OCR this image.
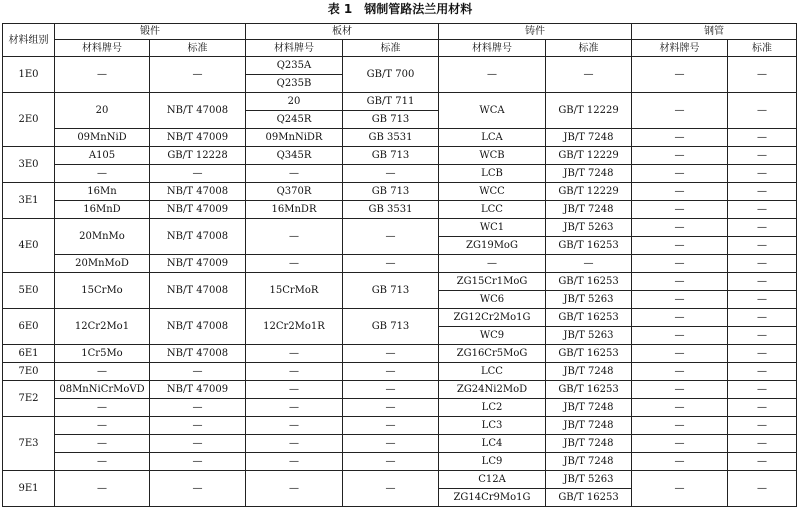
表 1　钢制管路法兰用材料
材料组别	锻件		板材		铸件		钢管	
	材料牌号	标准	材料牌号	标准	材料牌号	标准	材料牌号	标准
1E0	—	—	Q235A	GB/T 700	—	—	—	—
			Q235B					
2E0	20	NB/T 47008	20	GB/T 711	WCA	GB/T 12229	—	—
			Q245R	GB 713				
	09MnNiD	NB/T 47009	09MnNiDR	GB 3531	LCA	JB/T 7248	—	—
3E0	A105	GB/T 12228	Q345R	GB 713	WCB	GB/T 12229	—	—
	—	—	—	—	LCB	JB/T 7248	—	—
3E1	16Mn	NB/T 47008	Q370R	GB 713	WCC	GB/T 12229	—	—
	16MnD	NB/T 47009	16MnDR	GB 3531	LCC	JB/T 7248	—	—
4E0	20MnMo	NB/T 47008	—	—	WC1	JB/T 5263	—	—
					ZG19MoG	GB/T 16253	—	—
	20MnMoD	NB/T 47009	—	—	—	—	—	—
5E0	15CrMo	NB/T 47008	15CrMoR	GB 713	ZG15Cr1MoG	GB/T 16253	—	—
					WC6	JB/T 5263	—	—
6E0	12Cr2Mo1	NB/T 47008	12Cr2Mo1R	GB 713	ZG12Cr2Mo1G	GB/T 16253	—	—
					WC9	JB/T 5263	—	—
6E1	1Cr5Mo	NB/T 47008	—	—	ZG16Cr5MoG	GB/T 16253	—	—
7E0	—	—	—	—	LCC	JB/T 7248	—	—
7E2	08MnNiCrMoVD	NB/T 47009	—	—	ZG24Ni2MoD	GB/T 16253	—	—
	—	—	—	—	LC2	JB/T 7248	—	—
7E3	—	—	—	—	LC3	JB/T 7248	—	—
	—	—	—	—	LC4	JB/T 7248	—	—
	—	—	—	—	LC9	JB/T 7248	—	—
9E1	—	—	—	—	C12A	JB/T 5263	—	—
					ZG14Cr9Mo1G	GB/T 16253		
